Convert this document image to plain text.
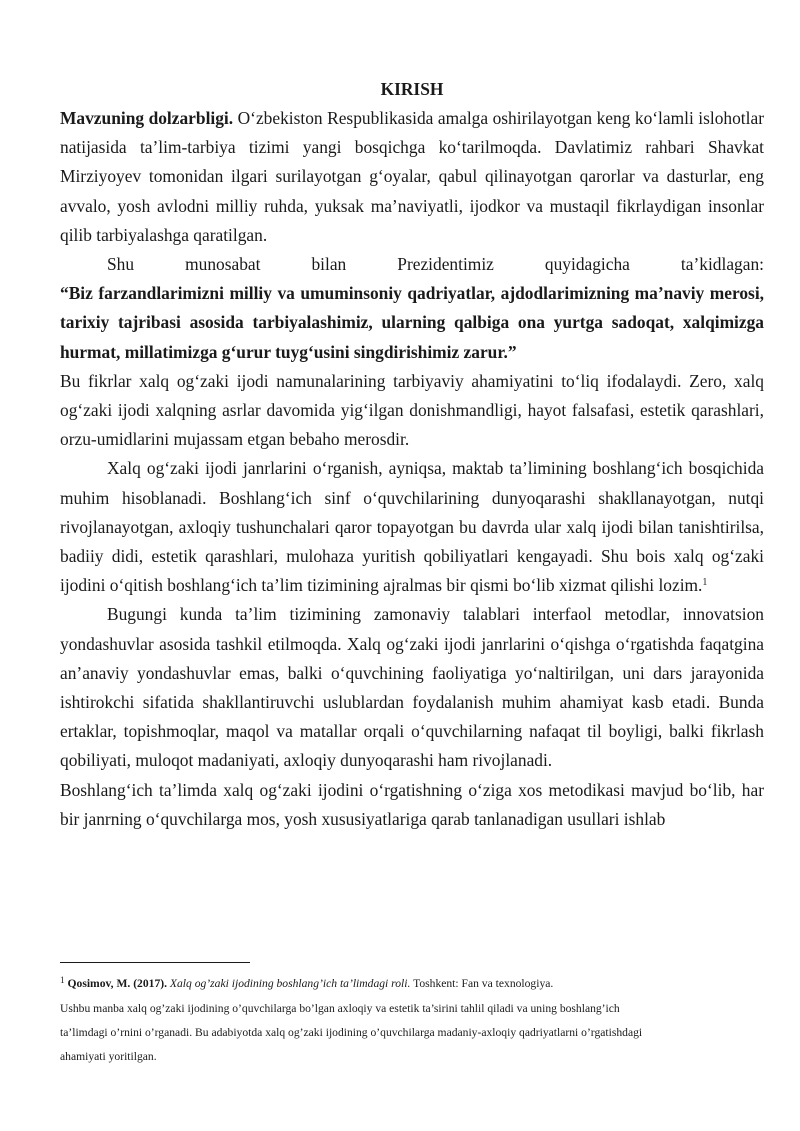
KIRISH

Mavzuning dolzarbligi. O‘zbekiston Respublikasida amalga oshirilayotgan keng ko‘lamli islohotlar natijasida ta’lim-tarbiya tizimi yangi bosqichga ko‘tarilmoqda. Davlatimiz rahbari Shavkat Mirziyoyev tomonidan ilgari surilayotgan g‘oyalar, qabul qilinayotgan qarorlar va dasturlar, eng avvalo, yosh avlodni milliy ruhda, yuksak ma’naviyatli, ijodkor va mustaqil fikrlaydigan insonlar qilib tarbiyalashga qaratilgan.

Shu munosabat bilan Prezidentimiz quyidagicha ta’kidlagan:

“Biz farzandlarimizni milliy va umuminsoniy qadriyatlar, ajdodlarimizning ma’naviy merosi, tarixiy tajribasi asosida tarbiyalashimiz, ularning qalbiga ona yurtga sadoqat, xalqimizga hurmat, millatimizga g‘urur tuyg‘usini singdirishimiz zarur.”

Bu fikrlar xalq og‘zaki ijodi namunalarining tarbiyaviy ahamiyatini to‘liq ifodalaydi. Zero, xalq og‘zaki ijodi xalqning asrlar davomida yig‘ilgan donishmandligi, hayot falsafasi, estetik qarashlari, orzu-umidlarini mujassam etgan bebaho merosdir.

Xalq og‘zaki ijodi janrlarini o‘rganish, ayniqsa, maktab ta’limining boshlang‘ich bosqichida muhim hisoblanadi. Boshlang‘ich sinf o‘quvchilarining dunyoqarashi shakllanayotgan, nutqi rivojlanayotgan, axloqiy tushunchalari qaror topayotgan bu davrda ular xalq ijodi bilan tanishtirilsa, badiiy didi, estetik qarashlari, mulohaza yuritish qobiliyatlari kengayadi. Shu bois xalq og‘zaki ijodini o‘qitish boshlang‘ich ta’lim tizimining ajralmas bir qismi bo‘lib xizmat qilishi lozim.$^1$

Bugungi kunda ta’lim tizimining zamonaviy talablari interfaol metodlar, innovatsion yondashuvlar asosida tashkil etilmoqda. Xalq og‘zaki ijodi janrlarini o‘qishga o‘rgatishda faqatgina an’anaviy yondashuvlar emas, balki o‘quvchining faoliyatiga yo‘naltirilgan, uni dars jarayonida ishtirokchi sifatida shakllantiruvchi uslublardan foydalanish muhim ahamiyat kasb etadi. Bunda ertaklar, topishmoqlar, maqol va matallar orqali o‘quvchilarning nafaqat til boyligi, balki fikrlash qobiliyati, muloqot madaniyati, axloqiy dunyoqarashi ham rivojlanadi.

Boshlang‘ich ta’limda xalq og‘zaki ijodini o‘rgatishning o‘ziga xos metodikasi mavjud bo‘lib, har bir janrning o‘quvchilarga mos, yosh xususiyatlariga qarab tanlanadigan usullari ishlab

$^1$ Qosimov, M. (2017). Xalq og’zaki ijodining boshlang’ich ta’limdagi roli. Toshkent: Fan va texnologiya.

Ushbu manba xalq og’zaki ijodining o’quvchilarga bo’lgan axloqiy va estetik ta’sirini tahlil qiladi va uning boshlang’ich

ta’limdagi o’rnini o’rganadi. Bu adabiyotda xalq og’zaki ijodining o’quvchilarga madaniy-axloqiy qadriyatlarni o’rgatishdagi

ahamiyati yoritilgan.
